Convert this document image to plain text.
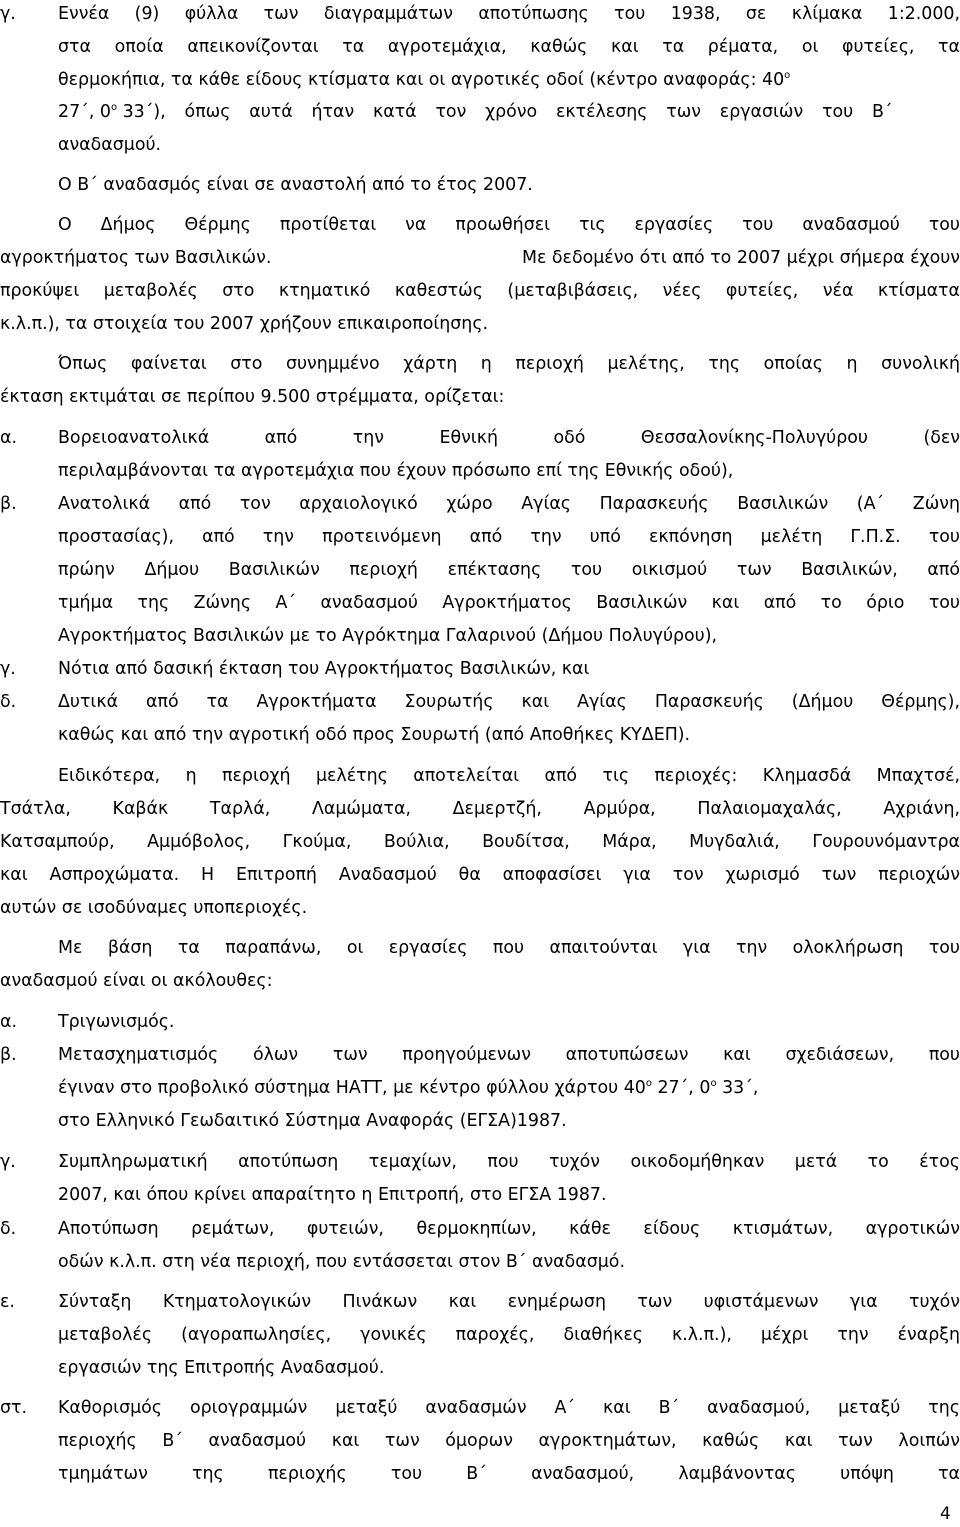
γ. Εννέα (9) φύλλα των διαγραμμάτων αποτύπωσης του 1938, σε κλίμακα 1:2.000,
στα οποία απεικονίζονται τα αγροτεμάχια, καθώς και τα ρέματα, οι φυτείες, τα
θερμοκήπια, τα κάθε είδους κτίσματα και οι αγροτικές οδοί (κέντρο αναφοράς: $40^o$
27΄, $0^o$ 33΄), όπως αυτά ήταν κατά τον χρόνο εκτέλεσης των εργασιών του Β΄
αναδασμού.
Ο Β΄ αναδασμός είναι σε αναστολή από το έτος 2007.
Ο Δήμος Θέρμης προτίθεται να προωθήσει τις εργασίες του αναδασμού του
αγροκτήματος των Βασιλικών.	Με δεδομένο ότι από το 2007 μέχρι σήμερα έχουν
προκύψει μεταβολές στο κτηματικό καθεστώς (μεταβιβάσεις, νέες φυτείες, νέα κτίσματα
κ.λ.π.), τα στοιχεία του 2007 χρήζουν επικαιροποίησης.
Όπως φαίνεται στο συνημμένο χάρτη η περιοχή μελέτης, της οποίας η συνολική
έκταση εκτιμάται σε περίπου 9.500 στρέμματα, ορίζεται:
α. Βορειοανατολικά από την Εθνική οδό Θεσσαλονίκης-Πολυγύρου (δεν
περιλαμβάνονται τα αγροτεμάχια που έχουν πρόσωπο επί της Εθνικής οδού),
β. Ανατολικά από τον αρχαιολογικό χώρο Αγίας Παρασκευής Βασιλικών (Α΄ Ζώνη
προστασίας), από την προτεινόμενη από την υπό εκπόνηση μελέτη Γ.Π.Σ. του
πρώην Δήμου Βασιλικών περιοχή επέκτασης του οικισμού των Βασιλικών, από
τμήμα της Ζώνης Α΄ αναδασμού Αγροκτήματος Βασιλικών και από το όριο του
Αγροκτήματος Βασιλικών με το Αγρόκτημα Γαλαρινού (Δήμου Πολυγύρου),
γ. Νότια από δασική έκταση του Αγροκτήματος Βασιλικών, και
δ. Δυτικά από τα Αγροκτήματα Σουρωτής και Αγίας Παρασκευής (Δήμου Θέρμης),
καθώς και από την αγροτική οδό προς Σουρωτή (από Αποθήκες ΚΥΔΕΠ).
Ειδικότερα, η περιοχή μελέτης αποτελείται από τις περιοχές: Κλημασδά Μπαχτσέ,
Τσάτλα, Καβάκ Ταρλά, Λαμώματα, Δεμερτζή, Αρμύρα, Παλαιομαχαλάς, Αχριάνη,
Κατσαμπούρ, Αμμόβολος, Γκούμα, Βούλια, Βουδίτσα, Μάρα, Μυγδαλιά, Γουρουνόμαντρα
και Ασπροχώματα. Η Επιτροπή Αναδασμού θα αποφασίσει για τον χωρισμό των περιοχών
αυτών σε ισοδύναμες υποπεριοχές.
Με βάση τα παραπάνω, οι εργασίες που απαιτούνται για την ολοκλήρωση του
αναδασμού είναι οι ακόλουθες:
α. Τριγωνισμός.
β. Μετασχηματισμός όλων των προηγούμενων αποτυπώσεων και σχεδιάσεων, που
έγιναν στο προβολικό σύστημα ΗΑΤΤ, με κέντρο φύλλου χάρτου $40^o$ 27΄, $0^o$ 33΄,
στο Ελληνικό Γεωδαιτικό Σύστημα Αναφοράς (ΕΓΣΑ)1987.
γ. Συμπληρωματική αποτύπωση τεμαχίων, που τυχόν οικοδομήθηκαν μετά το έτος
2007, και όπου κρίνει απαραίτητο η Επιτροπή, στο ΕΓΣΑ 1987.
δ. Αποτύπωση ρεμάτων, φυτειών, θερμοκηπίων, κάθε είδους κτισμάτων, αγροτικών
οδών κ.λ.π. στη νέα περιοχή, που εντάσσεται στον Β΄ αναδασμό.
ε. Σύνταξη Κτηματολογικών Πινάκων και ενημέρωση των υφιστάμενων για τυχόν
μεταβολές (αγοραπωλησίες, γονικές παροχές, διαθήκες κ.λ.π.), μέχρι την έναρξη
εργασιών της Επιτροπής Αναδασμού.
στ. Καθορισμός οριογραμμών μεταξύ αναδασμών Α΄ και Β΄ αναδασμού, μεταξύ της
περιοχής Β΄ αναδασμού και των όμορων αγροκτημάτων, καθώς και των λοιπών
τμημάτων της περιοχής του Β΄ αναδασμού, λαμβάνοντας υπόψη τα
4
